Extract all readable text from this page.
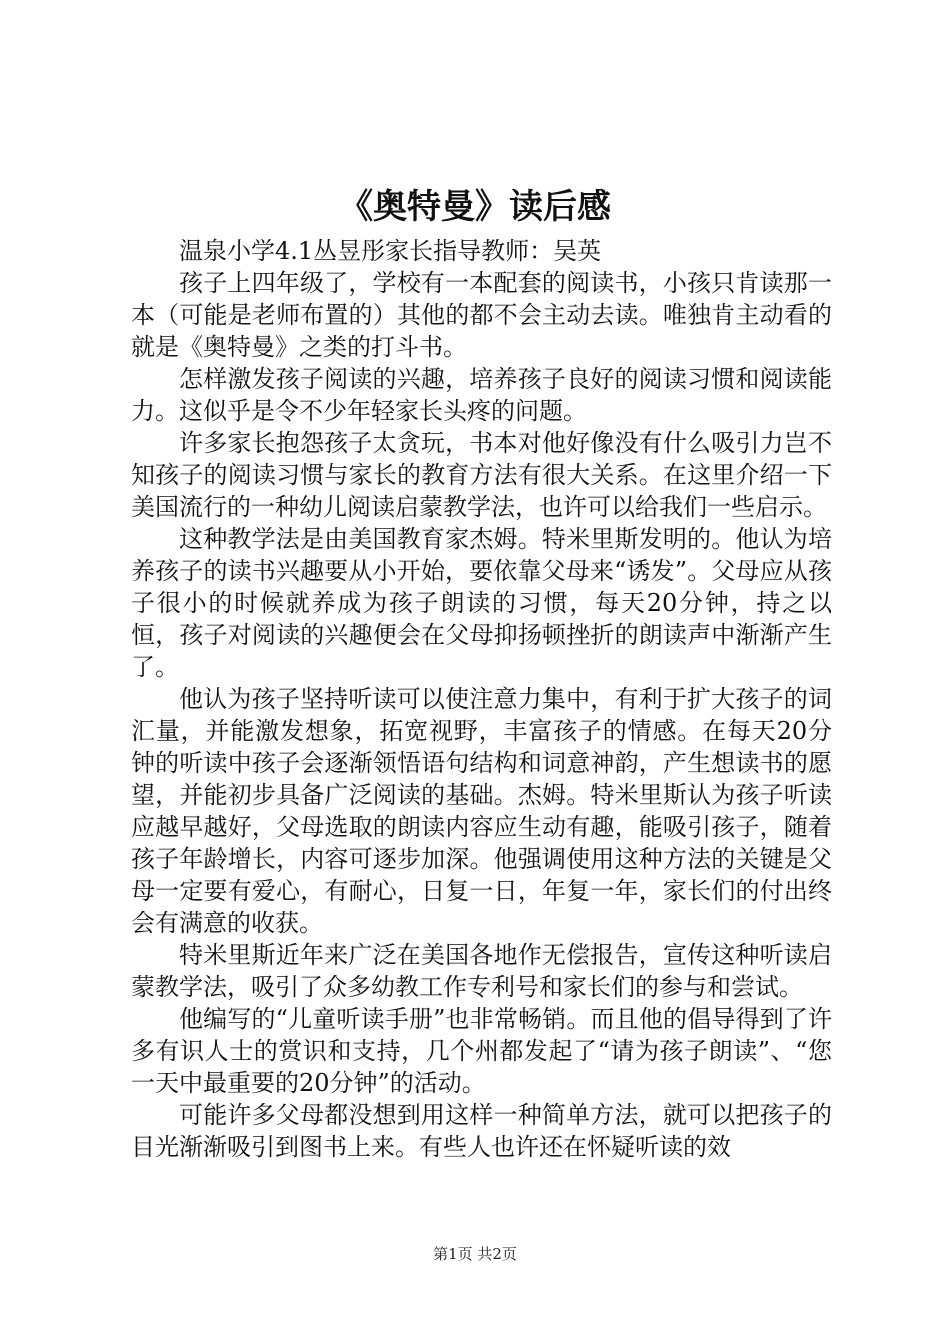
《奥特曼》读后感

温泉小学4.1丛昱彤家长指导教师：吴英

孩子上四年级了，学校有一本配套的阅读书，小孩只肯读那一本（可能是老师布置的）其他的都不会主动去读。唯独肯主动看的就是《奥特曼》之类的打斗书。

怎样激发孩子阅读的兴趣，培养孩子良好的阅读习惯和阅读能力。这似乎是令不少年轻家长头疼的问题。

许多家长抱怨孩子太贪玩，书本对他好像没有什么吸引力岂不知孩子的阅读习惯与家长的教育方法有很大关系。在这里介绍一下美国流行的一种幼儿阅读启蒙教学法，也许可以给我们一些启示。

这种教学法是由美国教育家杰姆。特米里斯发明的。他认为培养孩子的读书兴趣要从小开始，要依靠父母来“诱发”。父母应从孩子很小的时候就养成为孩子朗读的习惯，每天20分钟，持之以恒，孩子对阅读的兴趣便会在父母抑扬顿挫折的朗读声中渐渐产生了。

他认为孩子坚持听读可以使注意力集中，有利于扩大孩子的词汇量，并能激发想象，拓宽视野，丰富孩子的情感。在每天20分钟的听读中孩子会逐渐领悟语句结构和词意神韵，产生想读书的愿望，并能初步具备广泛阅读的基础。杰姆。特米里斯认为孩子听读应越早越好，父母选取的朗读内容应生动有趣，能吸引孩子，随着孩子年龄增长，内容可逐步加深。他强调使用这种方法的关键是父母一定要有爱心，有耐心，日复一日，年复一年，家长们的付出终会有满意的收获。

特米里斯近年来广泛在美国各地作无偿报告，宣传这种听读启蒙教学法，吸引了众多幼教工作专利号和家长们的参与和尝试。

他编写的“儿童听读手册”也非常畅销。而且他的倡导得到了许多有识人士的赏识和支持，几个州都发起了“请为孩子朗读”、“您一天中最重要的20分钟”的活动。

可能许多父母都没想到用这样一种简单方法，就可以把孩子的目光渐渐吸引到图书上来。有些人也许还在怀疑听读的效

第1页 共2页
